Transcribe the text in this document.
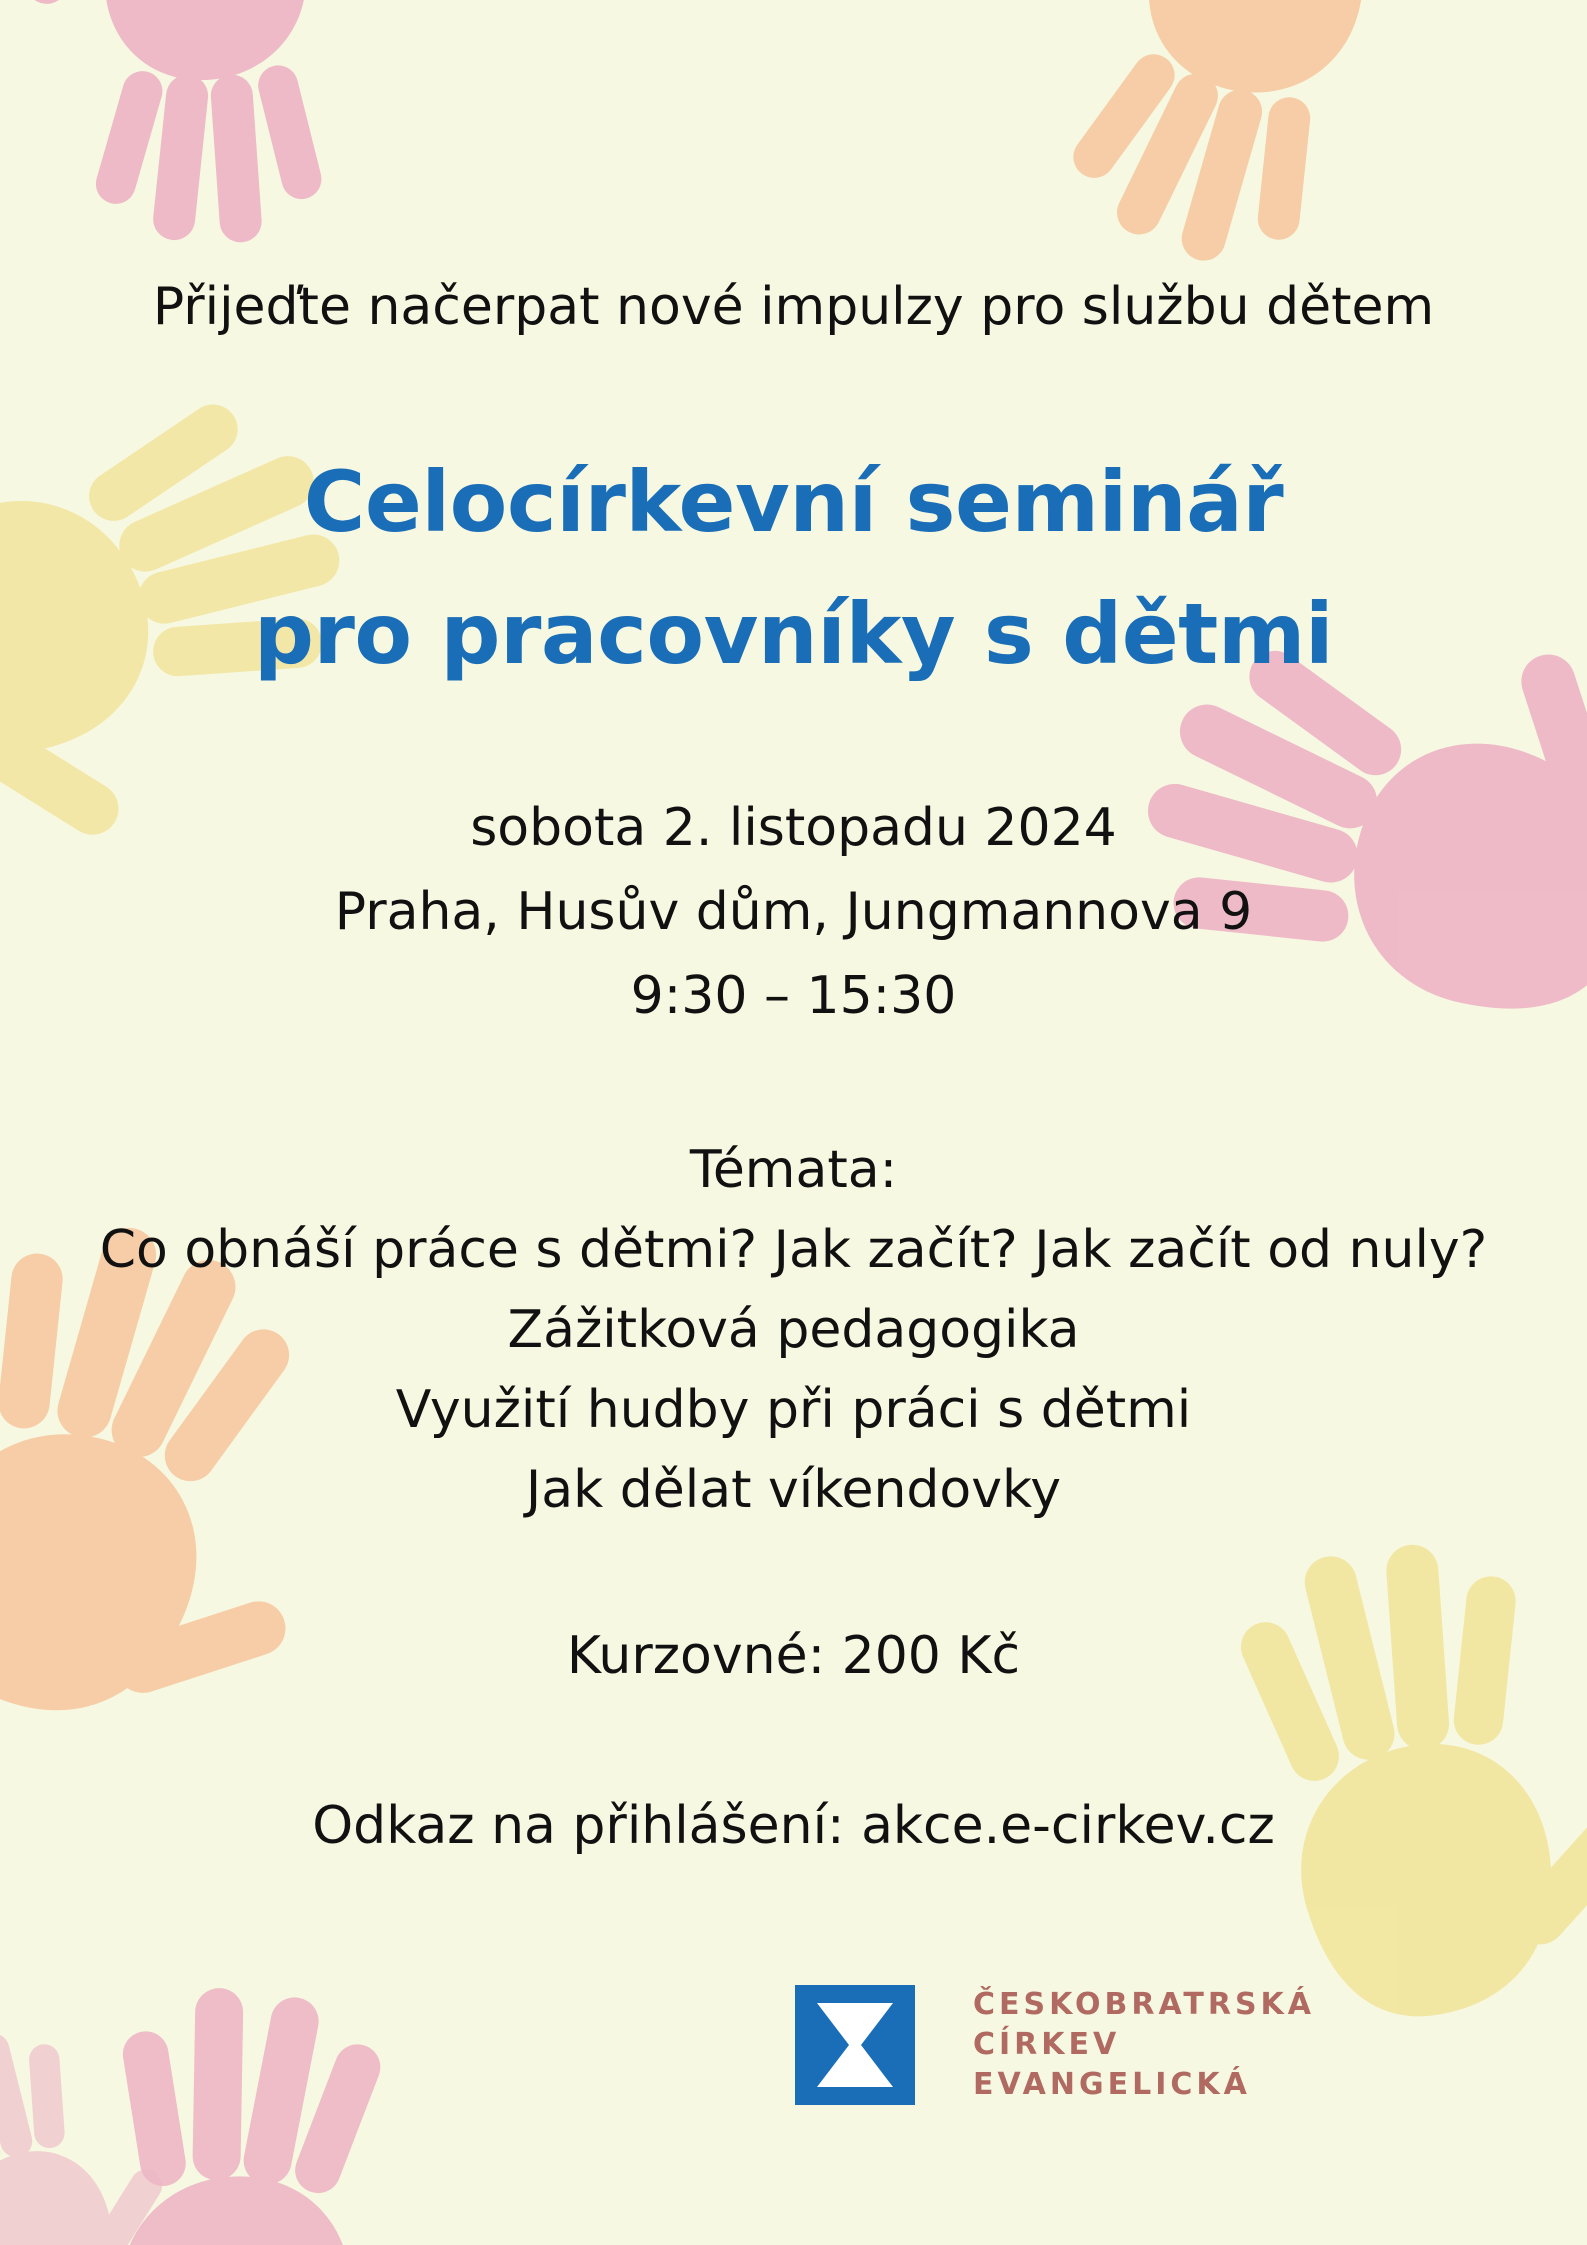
Přijeďte načerpat nové impulzy pro službu dětem
Celocírkevní seminář
pro pracovníky s dětmi
sobota 2. listopadu 2024
Praha, Husův dům, Jungmannova 9
9:30 – 15:30
Témata:
Co obnáší práce s dětmi? Jak začít? Jak začít od nuly?
Zážitková pedagogika
Využití hudby při práci s dětmi
Jak dělat víkendovky
Kurzovné: 200 Kč
Odkaz na přihlášení: akce.e-cirkev.cz
ČESKOBRATRSKÁ
CÍRKEV
EVANGELICKÁ
